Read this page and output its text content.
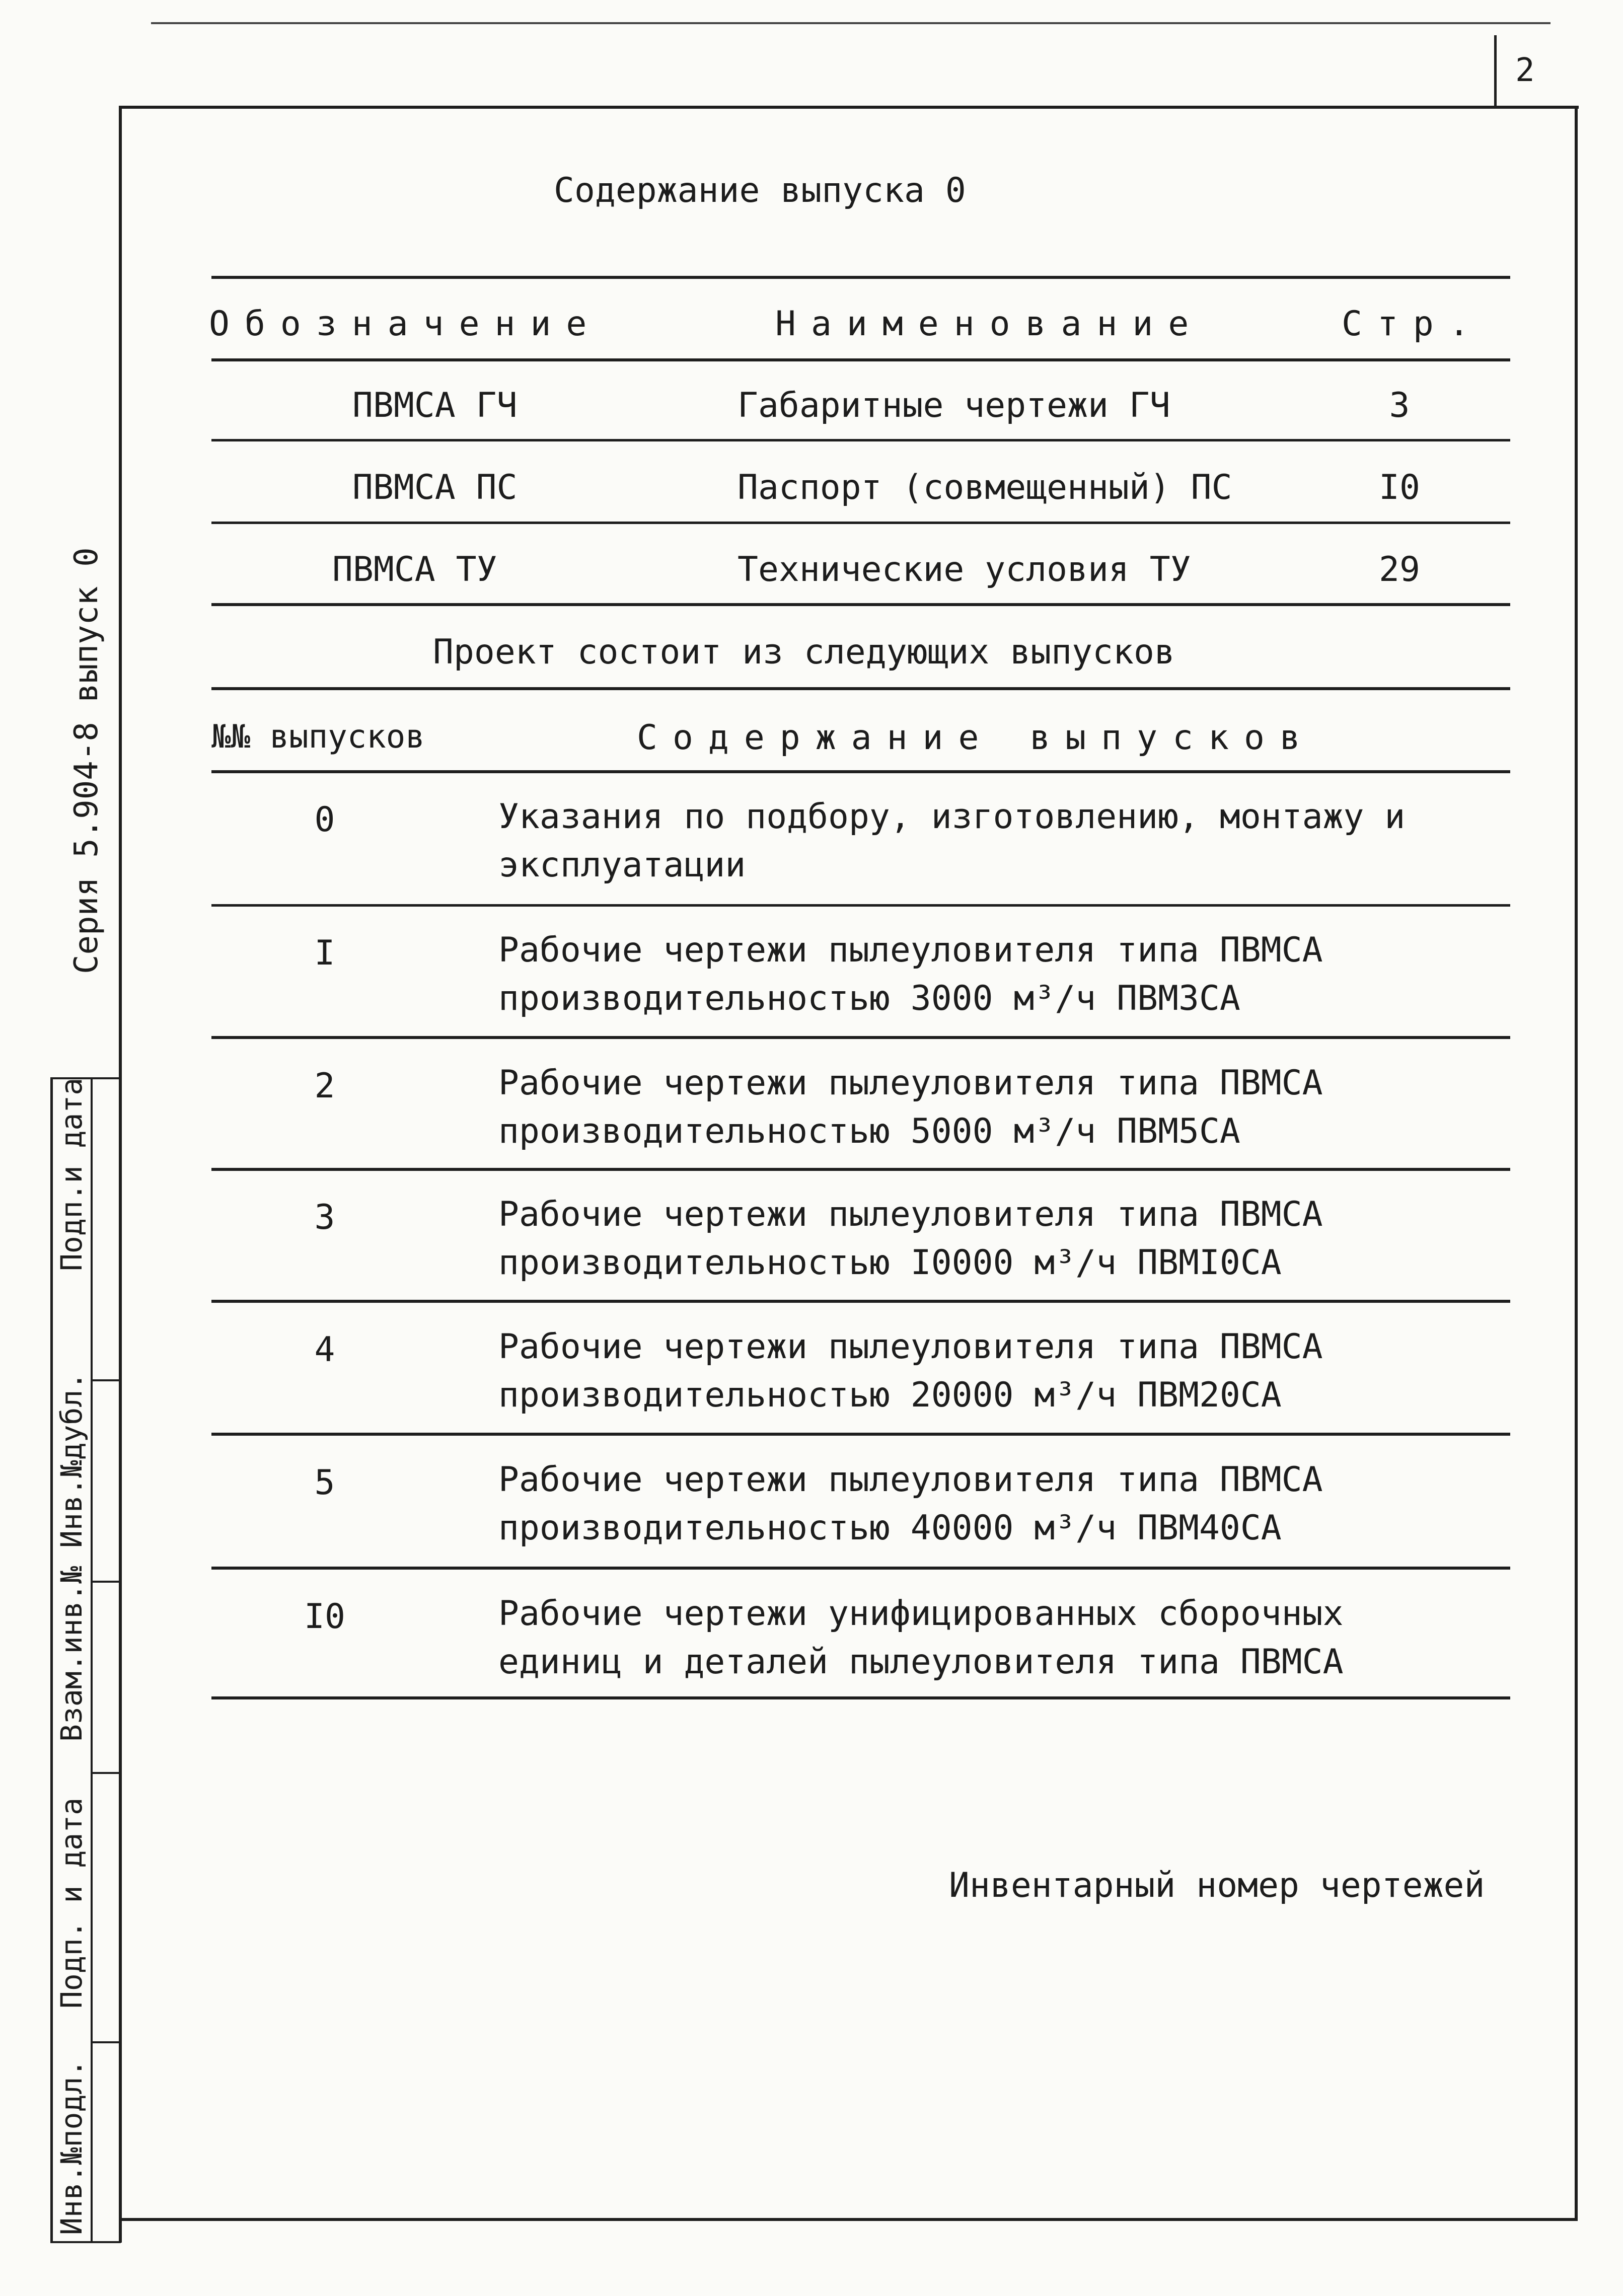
2
Содержание выпуска 0
Обозначение	Наименование	Стр.
ПВМСА ГЧ	Габаритные чертежи ГЧ	3
ПВМСА ПС	Паспорт (совмещенный) ПС	I0
ПВМСА ТУ	Технические условия ТУ	29
Проект состоит из следующих выпусков
№№ выпусков	Содержание выпусков
0	Указания по подбору, изготовлению, монтажу и
эксплуатации
I	Рабочие чертежи пылеуловителя типа ПВМСА
производительностью 3000 м³/ч ПВМ3СА
2	Рабочие чертежи пылеуловителя типа ПВМСА
производительностью 5000 м³/ч ПВМ5СА
3	Рабочие чертежи пылеуловителя типа ПВМСА
производительностью I0000 м³/ч ПВМI0СА
4	Рабочие чертежи пылеуловителя типа ПВМСА
производительностью 20000 м³/ч ПВМ20СА
5	Рабочие чертежи пылеуловителя типа ПВМСА
производительностью 40000 м³/ч ПВМ40СА
I0	Рабочие чертежи унифицированных сборочных
единиц и деталей пылеуловителя типа ПВМСА
Инвентарный номер чертежей
Серия 5.904-8 выпуск 0
Подп.и дата
Инв.№дубл.
Взам.инв.№
Подп. и дата
Инв.№подл.
